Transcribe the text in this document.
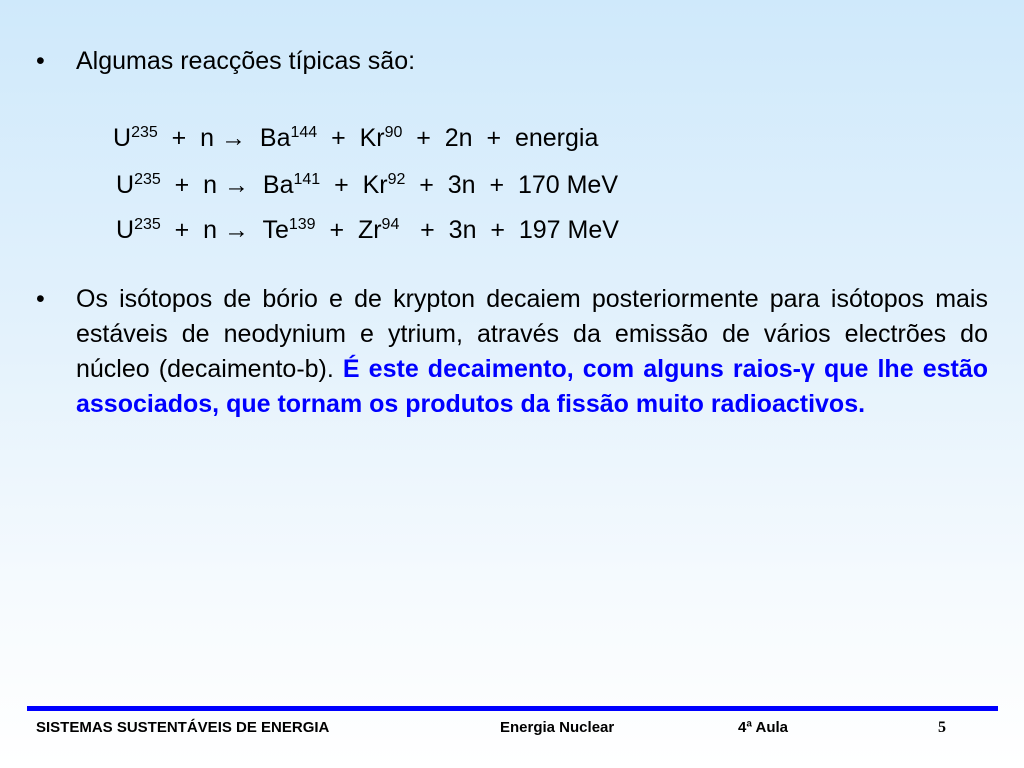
•	Algumas reacções típicas são:
$U^{235} + n \to Ba^{144} + Kr^{90} + 2n$  +  energia
$U^{235} + n \to Ba^{141} + Kr^{92} + 3n + 170$ MeV
$U^{235} + n \to Te^{139} + Zr^{94} + 3n + 197$ MeV
•	Os isótopos de bório e de krypton decaiem posteriormente para isótopos mais estáveis de neodynium e ytrium, através da emissão de vários electrões do núcleo (decaimento-b). É este decaimento, com alguns raios-γ que lhe estão associados, que tornam os produtos da fissão muito radioactivos.

SISTEMAS SUSTENTÁVEIS DE ENERGIA	Energia Nuclear	4ª Aula	5
